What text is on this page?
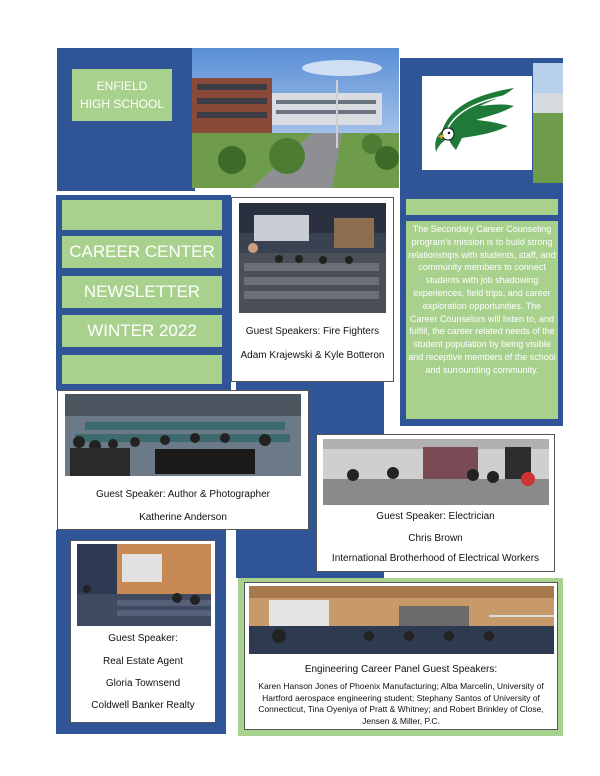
ENFIELD
HIGH SCHOOL
CAREER CENTER
NEWSLETTER
WINTER 2022	Guest Speakers: Fire Fighters
Adam Krajewski & Kyle Botteron
The Secondary Career Counseling program's mission is to build strong relationships with students, staff, and community members to connect students with job shadowing experiences, field trips, and career exploration opportunities. The Career Counselors will listen to, and fulfill, the career related needs of the student population by being visible and receptive members of the school and surrounding community.
Guest Speaker: Author & Photographer
Katherine Anderson	Guest Speaker: Electrician
Chris Brown
International Brotherhood of Electrical Workers
Guest Speaker:
Real Estate Agent
Gloria Townsend
Coldwell Banker Realty
Engineering Career Panel Guest Speakers:
Karen Hanson Jones of Phoenix Manufacturing; Alba Marcelin, University of Hartford aerospace engineering student; Stephany Santos of University of Connecticut, Tina Oyeniya of Pratt & Whitney; and Robert Brinkley of Close, Jensen & Miller, P.C.
